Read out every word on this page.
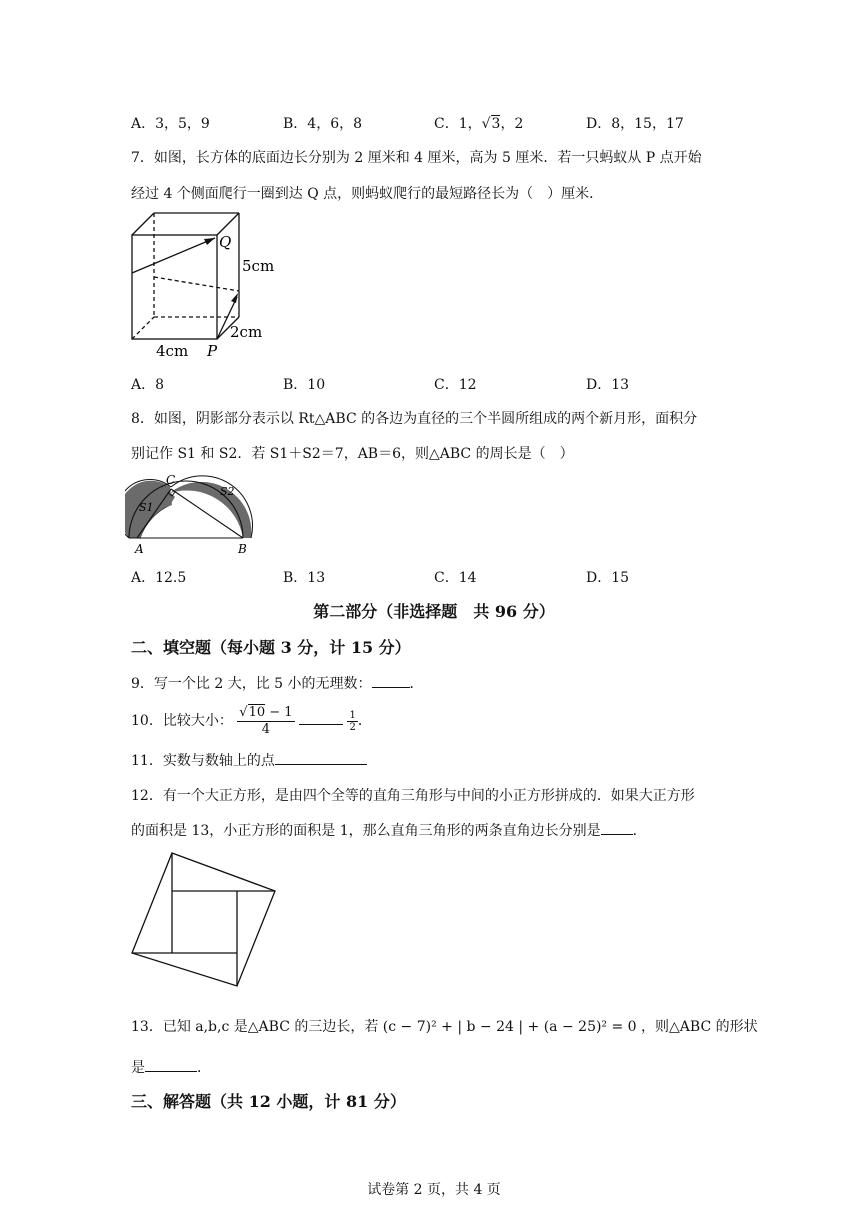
A．3，5，9	B．4，6，8	C．1，√3，2	D．8，15，17
7．如图，长方体的底面边长分别为 2 厘米和 4 厘米，高为 5 厘米．若一只蚂蚁从 P 点开始
经过 4 个侧面爬行一圈到达 Q 点，则蚂蚁爬行的最短路径长为（　）厘米．
Q
5cm
2cm
4cm P
A．8	B．10	C．12	D．13
8．如图，阴影部分表示以 Rt△ABC 的各边为直径的三个半圆所组成的两个新月形，面积分
别记作 S1 和 S2．若 S1＋S2＝7，AB＝6，则△ABC 的周长是（　）
A	B
C
S1
S2
A．12.5	B．13	C．14	D．15
第二部分（非选择题　共 96 分）
二、填空题（每小题 3 分，计 15 分）
9．写一个比 2 大，比 5 小的无理数：	．
10．比较大小： $\frac{√10 - 1}{4}$
	$\frac{1}{2}$ ．
11．实数与数轴上的点
12．有一个大正方形，是由四个全等的直角三角形与中间的小正方形拼成的．如果大正方形
的面积是 13，小正方形的面积是 1，那么直角三角形的两条直角边长分别是 ．
13．已知 a,b,c 是△ABC 的三边长，若 (c − 7)² + | b − 24 | + (a − 25)² = 0 ，则△ABC 的形状
是	．
三、解答题（共 12 小题，计 81 分）
试卷第 2 页，共 4 页
